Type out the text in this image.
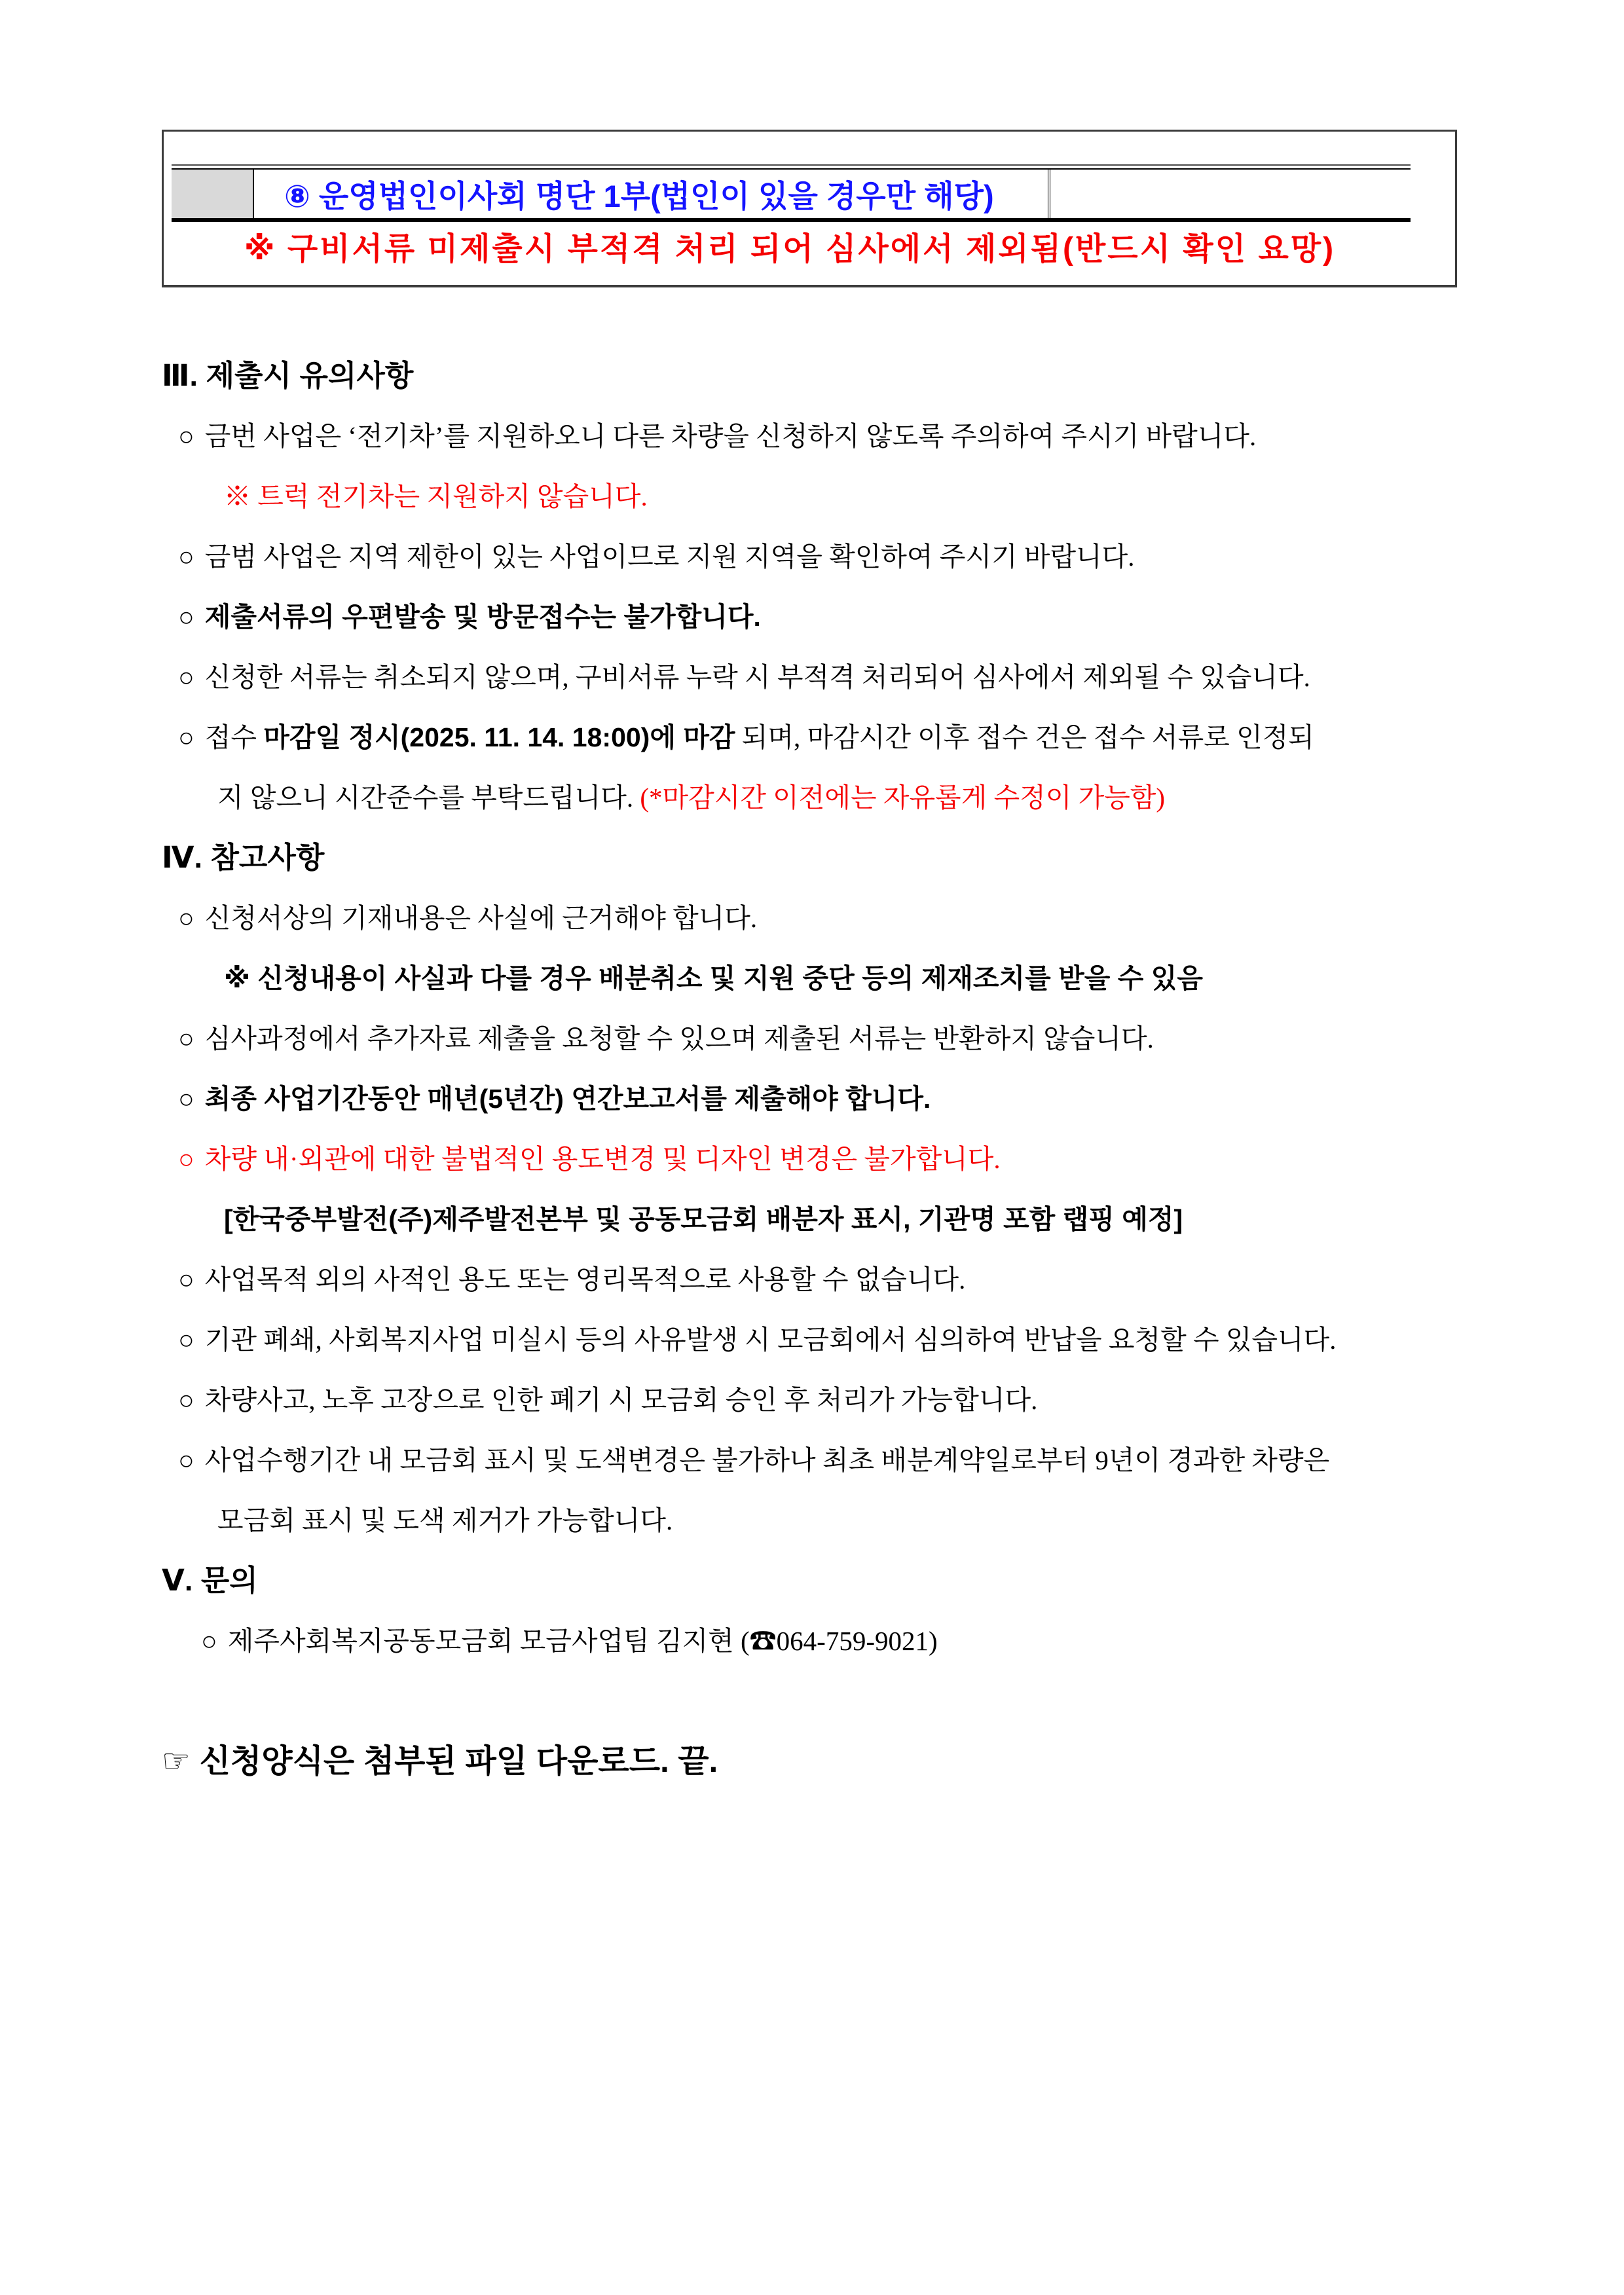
⑧ 운영법인이사회 명단 1부(법인이 있을 경우만 해당)
※ 구비서류 미제출시 부적격 처리 되어 심사에서 제외됨(반드시 확인 요망)
Ⅲ. 제출시 유의사항
○ 금번 사업은 ‘전기차’를 지원하오니 다른 차량을 신청하지 않도록 주의하여 주시기 바랍니다.
※ 트럭 전기차는 지원하지 않습니다.
○ 금범 사업은 지역 제한이 있는 사업이므로 지원 지역을 확인하여 주시기 바랍니다.
○ 제출서류의 우편발송 및 방문접수는 불가합니다.
○ 신청한 서류는 취소되지 않으며, 구비서류 누락 시 부적격 처리되어 심사에서 제외될 수 있습니다.
○ 접수 마감일 정시(2025. 11. 14. 18:00)에 마감 되며, 마감시간 이후 접수 건은 접수 서류로 인정되
지 않으니 시간준수를 부탁드립니다. (*마감시간 이전에는 자유롭게 수정이 가능함)
Ⅳ. 참고사항
○ 신청서상의 기재내용은 사실에 근거해야 합니다.
※ 신청내용이 사실과 다를 경우 배분취소 및 지원 중단 등의 제재조치를 받을 수 있음
○ 심사과정에서 추가자료 제출을 요청할 수 있으며 제출된 서류는 반환하지 않습니다.
○ 최종 사업기간동안 매년(5년간) 연간보고서를 제출해야 합니다.
○ 차량 내·외관에 대한 불법적인 용도변경 및 디자인 변경은 불가합니다.
[한국중부발전(주)제주발전본부 및 공동모금회 배분자 표시, 기관명 포함 랩핑 예정]
○ 사업목적 외의 사적인 용도 또는 영리목적으로 사용할 수 없습니다.
○ 기관 폐쇄, 사회복지사업 미실시 등의 사유발생 시 모금회에서 심의하여 반납을 요청할 수 있습니다.
○ 차량사고, 노후 고장으로 인한 폐기 시 모금회 승인 후 처리가 가능합니다.
○ 사업수행기간 내 모금회 표시 및 도색변경은 불가하나 최초 배분계약일로부터 9년이 경과한 차량은
모금회 표시 및 도색 제거가 가능합니다.
Ⅴ. 문의
○ 제주사회복지공동모금회 모금사업팀 김지현 (☎064-759-9021)
☞ 신청양식은 첨부된 파일 다운로드. 끝.
